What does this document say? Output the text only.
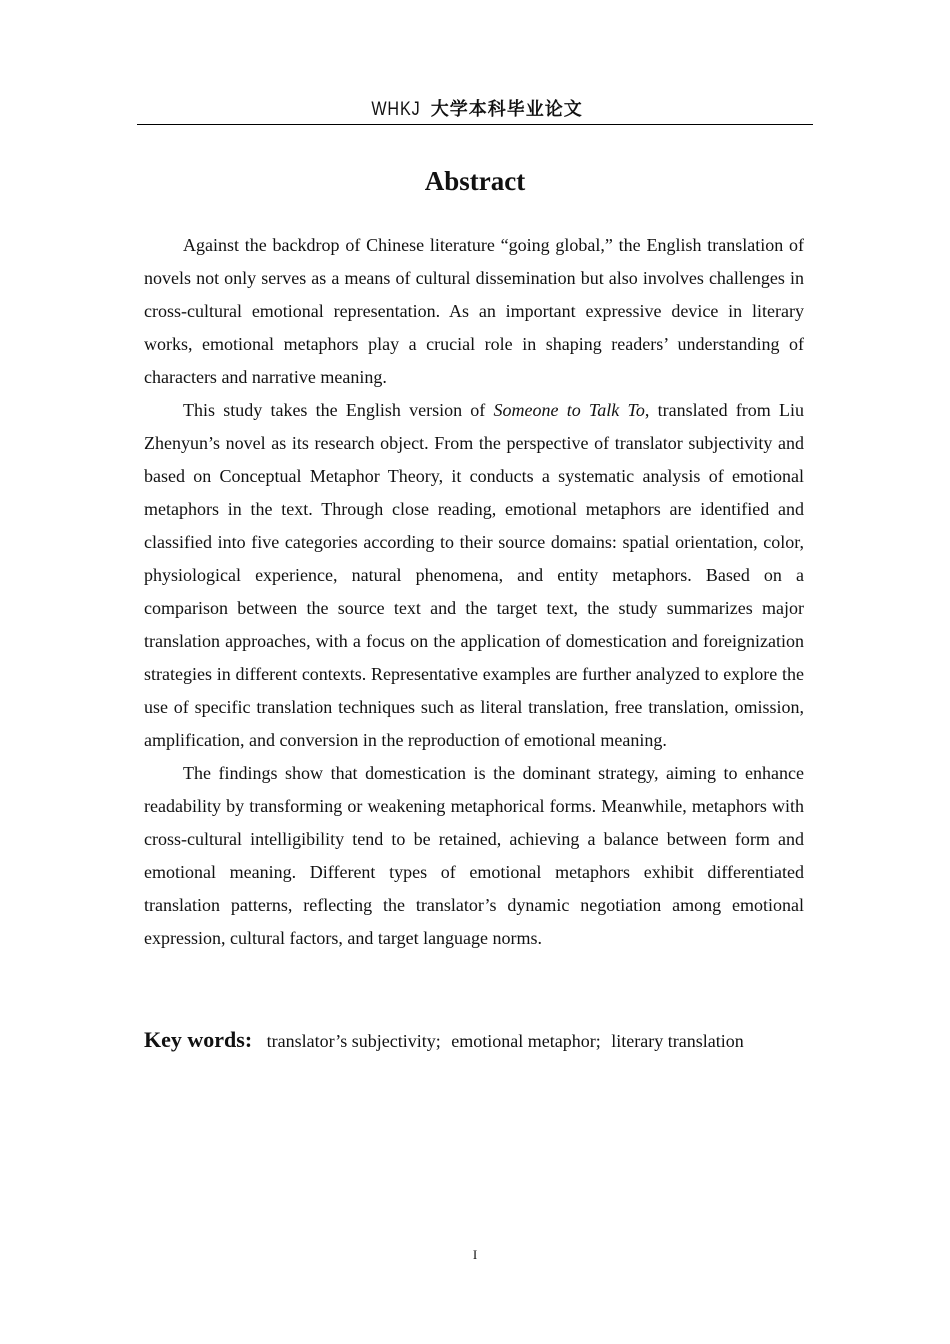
WHKJ 大学本科毕业论文
Abstract

Against the backdrop of Chinese literature “going global,” the English translation of novels not only serves as a means of cultural dissemination but also involves challenges in cross-cultural emotional representation. As an important expressive device in literary works, emotional metaphors play a crucial role in shaping readers’ understanding of characters and narrative meaning.

This study takes the English version of Someone to Talk To, translated from Liu Zhenyun’s novel as its research object. From the perspective of translator subjectivity and based on Conceptual Metaphor Theory, it conducts a systematic analysis of emotional metaphors in the text. Through close reading, emotional metaphors are identified and classified into five categories according to their source domains: spatial orientation, color, physiological experience, natural phenomena, and entity metaphors. Based on a comparison between the source text and the target text, the study summarizes major translation approaches, with a focus on the application of domestication and foreignization strategies in different contexts. Representative examples are further analyzed to explore the use of specific translation techniques such as literal translation, free translation, omission, amplification, and conversion in the reproduction of emotional meaning.

The findings show that domestication is the dominant strategy, aiming to enhance readability by transforming or weakening metaphorical forms. Meanwhile, metaphors with cross-cultural intelligibility tend to be retained, achieving a balance between form and emotional meaning. Different types of emotional metaphors exhibit differentiated translation patterns, reflecting the translator’s dynamic negotiation among emotional expression, cultural factors, and target language norms.

Key words: translator’s subjectivity; emotional metaphor; literary translation
I
